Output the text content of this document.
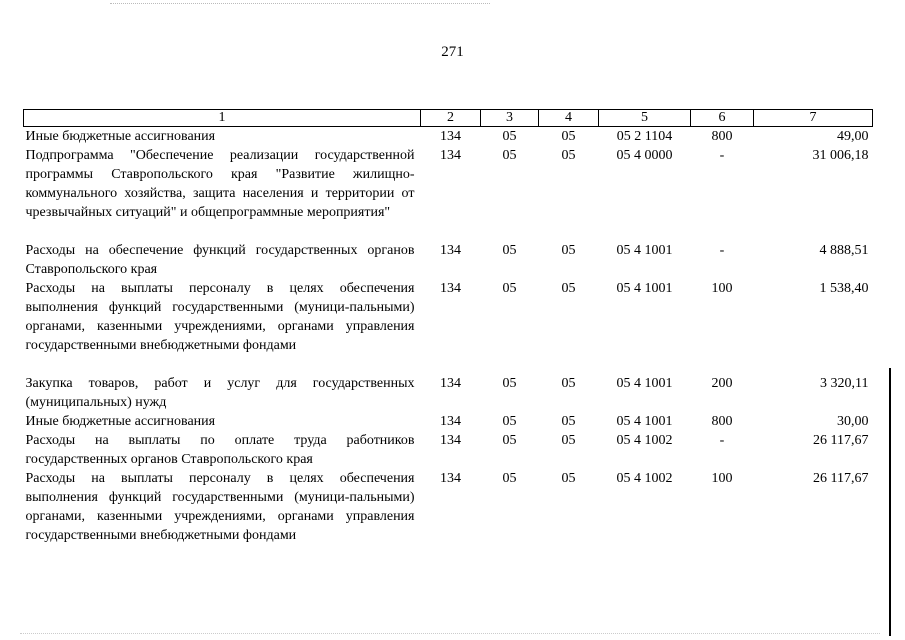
271
1	2	3	4	5	6	7
Иные бюджетные ассигнования	134	05	05	05 2 1104	800	49,00
Подпрограмма "Обеспечение реализации государственной программы Ставропольского края "Развитие жилищно-коммунального хозяйства, защита населения и территории от чрезвычайных ситуаций" и общепрограммные мероприятия"	134	05	05	05 4 0000	-	31 006,18

Расходы на обеспечение функций государственных органов Ставропольского края	134	05	05	05 4 1001	-	4 888,51
Расходы на выплаты персоналу в целях обеспечения выполнения функций государственными (муници-пальными) органами, казенными учреждениями, органами управления государственными внебюджетными фондами	134	05	05	05 4 1001	100	1 538,40

Закупка товаров, работ и услуг для государственных (муниципальных) нужд	134	05	05	05 4 1001	200	3 320,11
Иные бюджетные ассигнования	134	05	05	05 4 1001	800	30,00
Расходы на выплаты по оплате труда работников государственных органов Ставропольского края	134	05	05	05 4 1002	-	26 117,67
Расходы на выплаты персоналу в целях обеспечения выполнения функций государственными (муници-пальными) органами, казенными учреждениями, органами управления государственными внебюджетными фондами	134	05	05	05 4 1002	100	26 117,67
